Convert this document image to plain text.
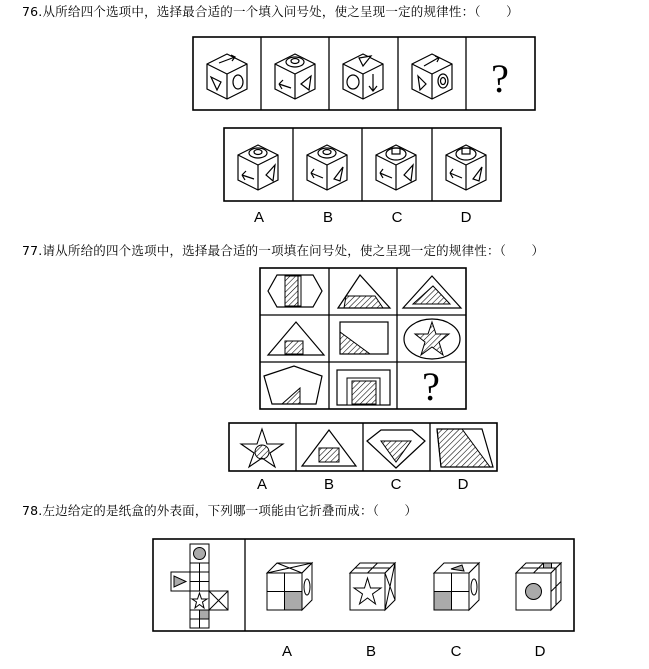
76.从所给四个选项中，选择最合适的一个填入问号处，使之呈现一定的规律性：（　　）
77.请从所给的四个选项中，选择最合适的一项填在问号处，使之呈现一定的规律性：（　　）
78.左边给定的是纸盒的外表面，下列哪一项能由它折叠而成：（　　）
?
A	B	C	D
?
A	B	C	D
A	B	C	D
